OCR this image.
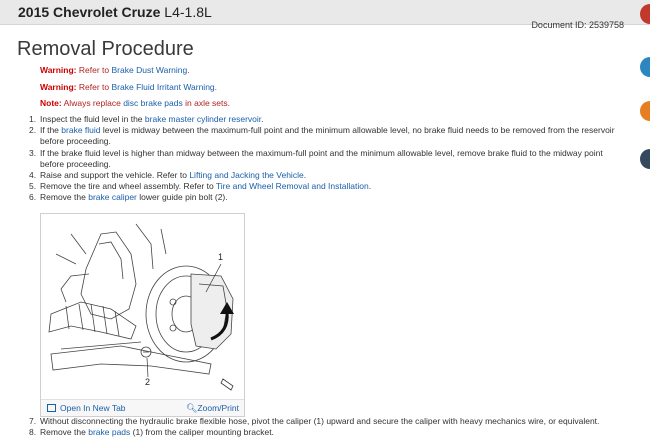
2015 Chevrolet Cruze L4-1.8L
Document ID: 2539758
Removal Procedure
Warning: Refer to Brake Dust Warning.
Warning: Refer to Brake Fluid Irritant Warning.
Note: Always replace disc brake pads in axle sets.
1. Inspect the fluid level in the brake master cylinder reservoir.
2. If the brake fluid level is midway between the maximum-full point and the minimum allowable level, no brake fluid needs to be removed from the reservoir before proceeding.
3. If the brake fluid level is higher than midway between the maximum-full point and the minimum allowable level, remove brake fluid to the midway point before proceeding.
4. Raise and support the vehicle. Refer to Lifting and Jacking the Vehicle.
5. Remove the tire and wheel assembly. Refer to Tire and Wheel Removal and Installation.
6. Remove the brake caliper lower guide pin bolt (2).
1
2
Open In New Tab	🔍︎Zoom/Print
7. Without disconnecting the hydraulic brake flexible hose, pivot the caliper (1) upward and secure the caliper with heavy mechanics wire, or equivalent.
8. Remove the brake pads (1) from the caliper mounting bracket.
